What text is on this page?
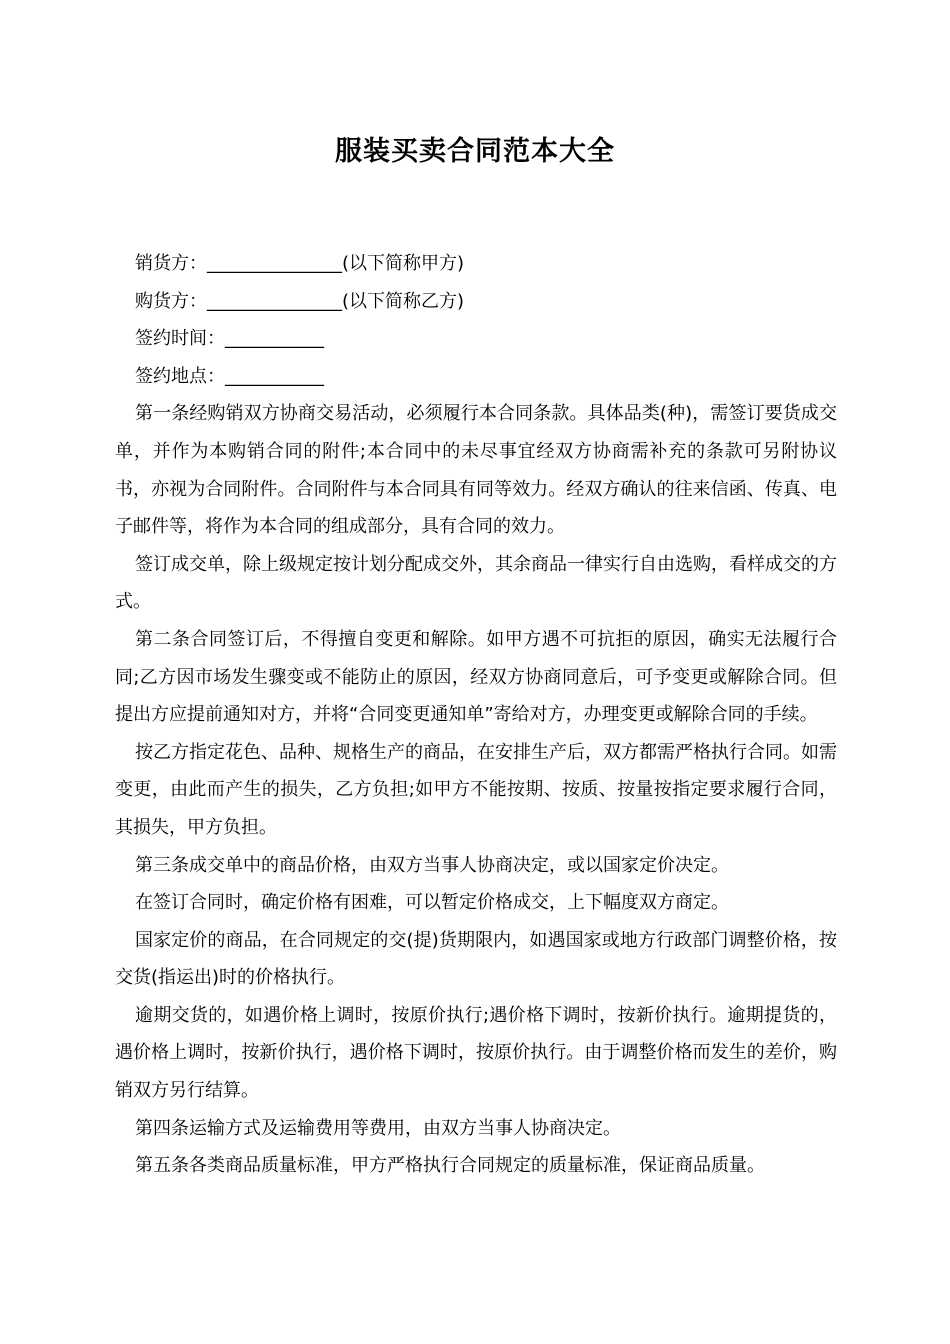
服装买卖合同范本大全

销货方：_______________(以下简称甲方)

购货方：_______________(以下简称乙方)

签约时间：___________

签约地点：___________

第一条经购销双方协商交易活动，必须履行本合同条款。具体品类(种)，需签订要货成交单，并作为本购销合同的附件;本合同中的未尽事宜经双方协商需补充的条款可另附协议书，亦视为合同附件。合同附件与本合同具有同等效力。经双方确认的往来信函、传真、电子邮件等，将作为本合同的组成部分，具有合同的效力。

签订成交单，除上级规定按计划分配成交外，其余商品一律实行自由选购，看样成交的方式。

第二条合同签订后，不得擅自变更和解除。如甲方遇不可抗拒的原因，确实无法履行合同;乙方因市场发生骤变或不能防止的原因，经双方协商同意后，可予变更或解除合同。但提出方应提前通知对方，并将“合同变更通知单”寄给对方，办理变更或解除合同的手续。

按乙方指定花色、品种、规格生产的商品，在安排生产后，双方都需严格执行合同。如需变更，由此而产生的损失，乙方负担;如甲方不能按期、按质、按量按指定要求履行合同，其损失，甲方负担。

第三条成交单中的商品价格，由双方当事人协商决定，或以国家定价决定。

在签订合同时，确定价格有困难，可以暂定价格成交，上下幅度双方商定。

国家定价的商品，在合同规定的交(提)货期限内，如遇国家或地方行政部门调整价格，按交货(指运出)时的价格执行。

逾期交货的，如遇价格上调时，按原价执行;遇价格下调时，按新价执行。逾期提货的，遇价格上调时，按新价执行，遇价格下调时，按原价执行。由于调整价格而发生的差价，购销双方另行结算。

第四条运输方式及运输费用等费用，由双方当事人协商决定。

第五条各类商品质量标准，甲方严格执行合同规定的质量标准，保证商品质量。
